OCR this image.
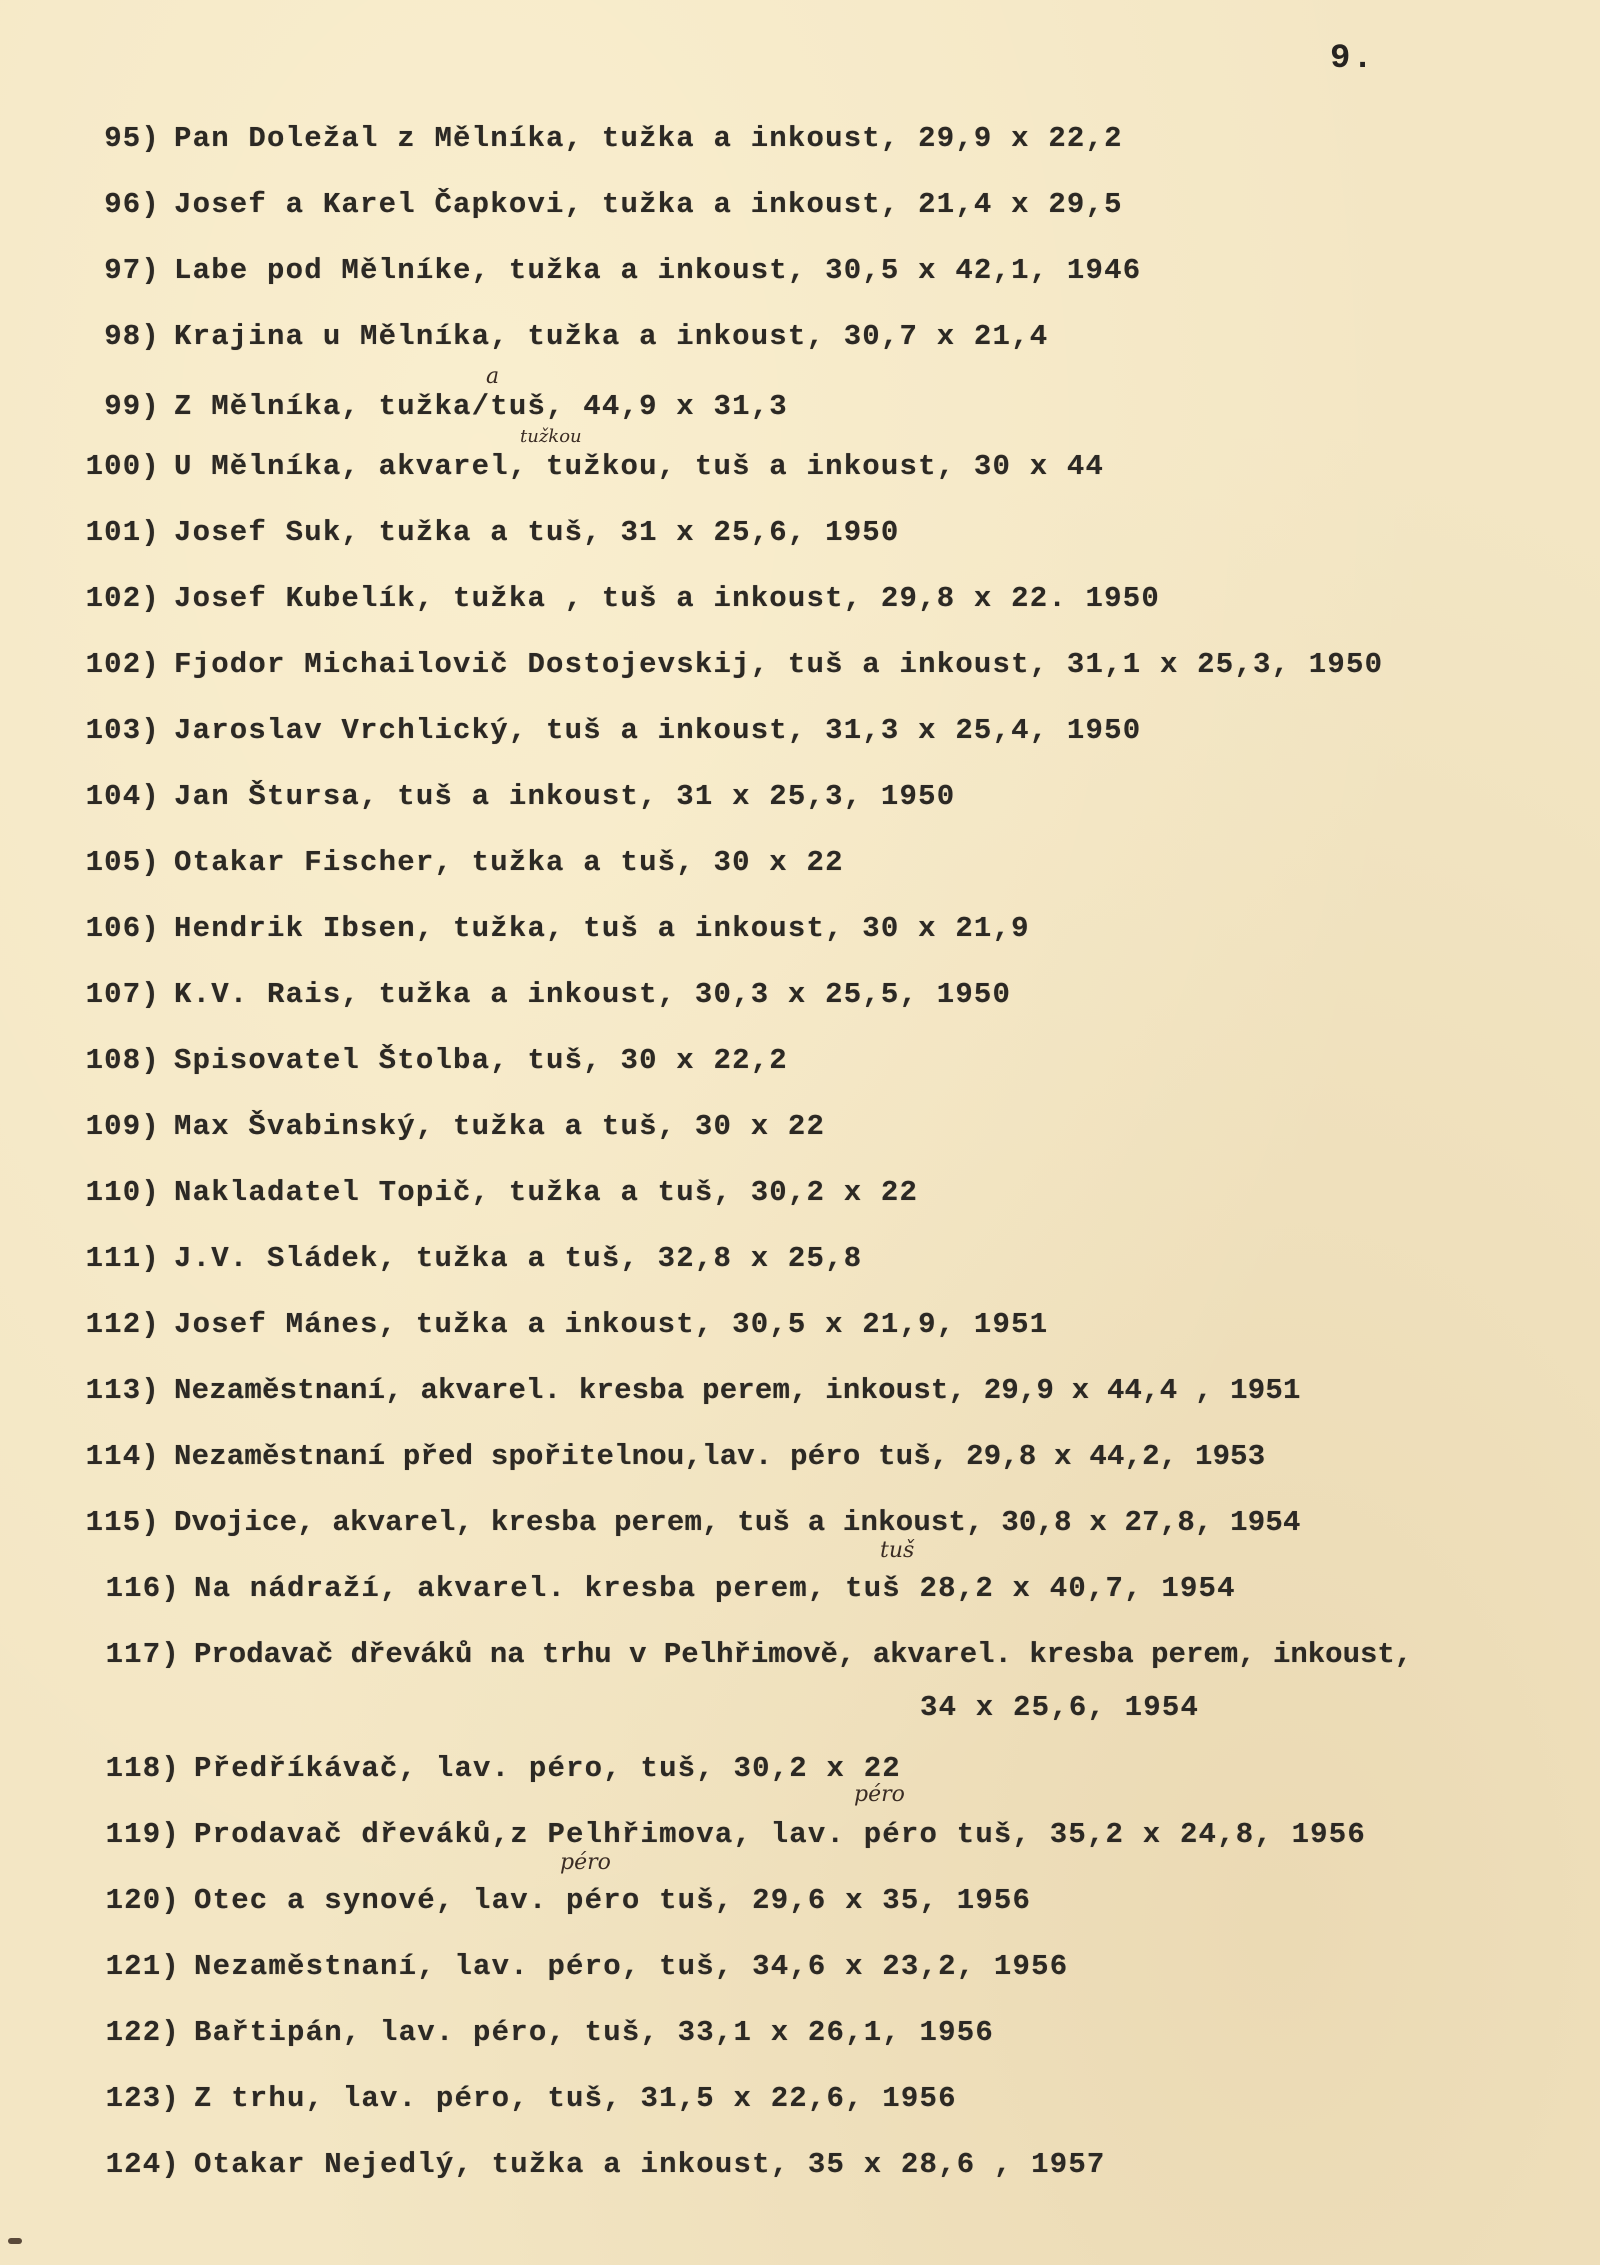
9.
95) Pan Doležal z Mělníka, tužka a inkoust, 29,9 x 22,2
96) Josef a Karel Čapkovi, tužka a inkoust, 21,4 x 29,5
97) Labe pod Mělníke, tužka a inkoust, 30,5 x 42,1, 1946
98) Krajina u Mělníka, tužka a inkoust, 30,7 x 21,4
99) Z Mělníka, tužka/tuš, 44,9 x 31,3
100) U Mělníka, akvarel, tužkou, tuš a inkoust, 30 x 44
101) Josef Suk, tužka a tuš, 31 x 25,6, 1950
102) Josef Kubelík, tužka , tuš a inkoust, 29,8 x 22. 1950
102) Fjodor Michailovič Dostojevskij, tuš a inkoust, 31,1 x 25,3, 1950
103) Jaroslav Vrchlický, tuš a inkoust, 31,3 x 25,4, 1950
104) Jan Štursa, tuš a inkoust, 31 x 25,3, 1950
105) Otakar Fischer, tužka a tuš, 30 x 22
106) Hendrik Ibsen, tužka, tuš a inkoust, 30 x 21,9
107) K.V. Rais, tužka a inkoust, 30,3 x 25,5, 1950
108) Spisovatel Štolba, tuš, 30 x 22,2
109) Max Švabinský, tužka a tuš, 30 x 22
110) Nakladatel Topič, tužka a tuš, 30,2 x 22
111) J.V. Sládek, tužka a tuš, 32,8 x 25,8
112) Josef Mánes, tužka a inkoust, 30,5 x 21,9, 1951
113) Nezaměstnaní, akvarel. kresba perem, inkoust, 29,9 x 44,4 , 1951
114) Nezaměstnaní před spořitelnou,lav. péro tuš, 29,8 x 44,2, 1953
115) Dvojice, akvarel, kresba perem, tuš a inkoust, 30,8 x 27,8, 1954
116) Na nádraží, akvarel. kresba perem, tuš 28,2 x 40,7, 1954
117) Prodavač dřeváků na trhu v Pelhřimově, akvarel. kresba perem, inkoust,
34 x 25,6, 1954
118) Předříkávač, lav. péro, tuš, 30,2 x 22
119) Prodavač dřeváků,z Pelhřimova, lav. péro tuš, 35,2 x 24,8, 1956
120) Otec a synové, lav. péro tuš, 29,6 x 35, 1956
121) Nezaměstnaní, lav. péro, tuš, 34,6 x 23,2, 1956
122) Bařtipán, lav. péro, tuš, 33,1 x 26,1, 1956
123) Z trhu, lav. péro, tuš, 31,5 x 22,6, 1956
124) Otakar Nejedlý, tužka a inkoust, 35 x 28,6 , 1957
a
tužkou
tuš
péro
péro
